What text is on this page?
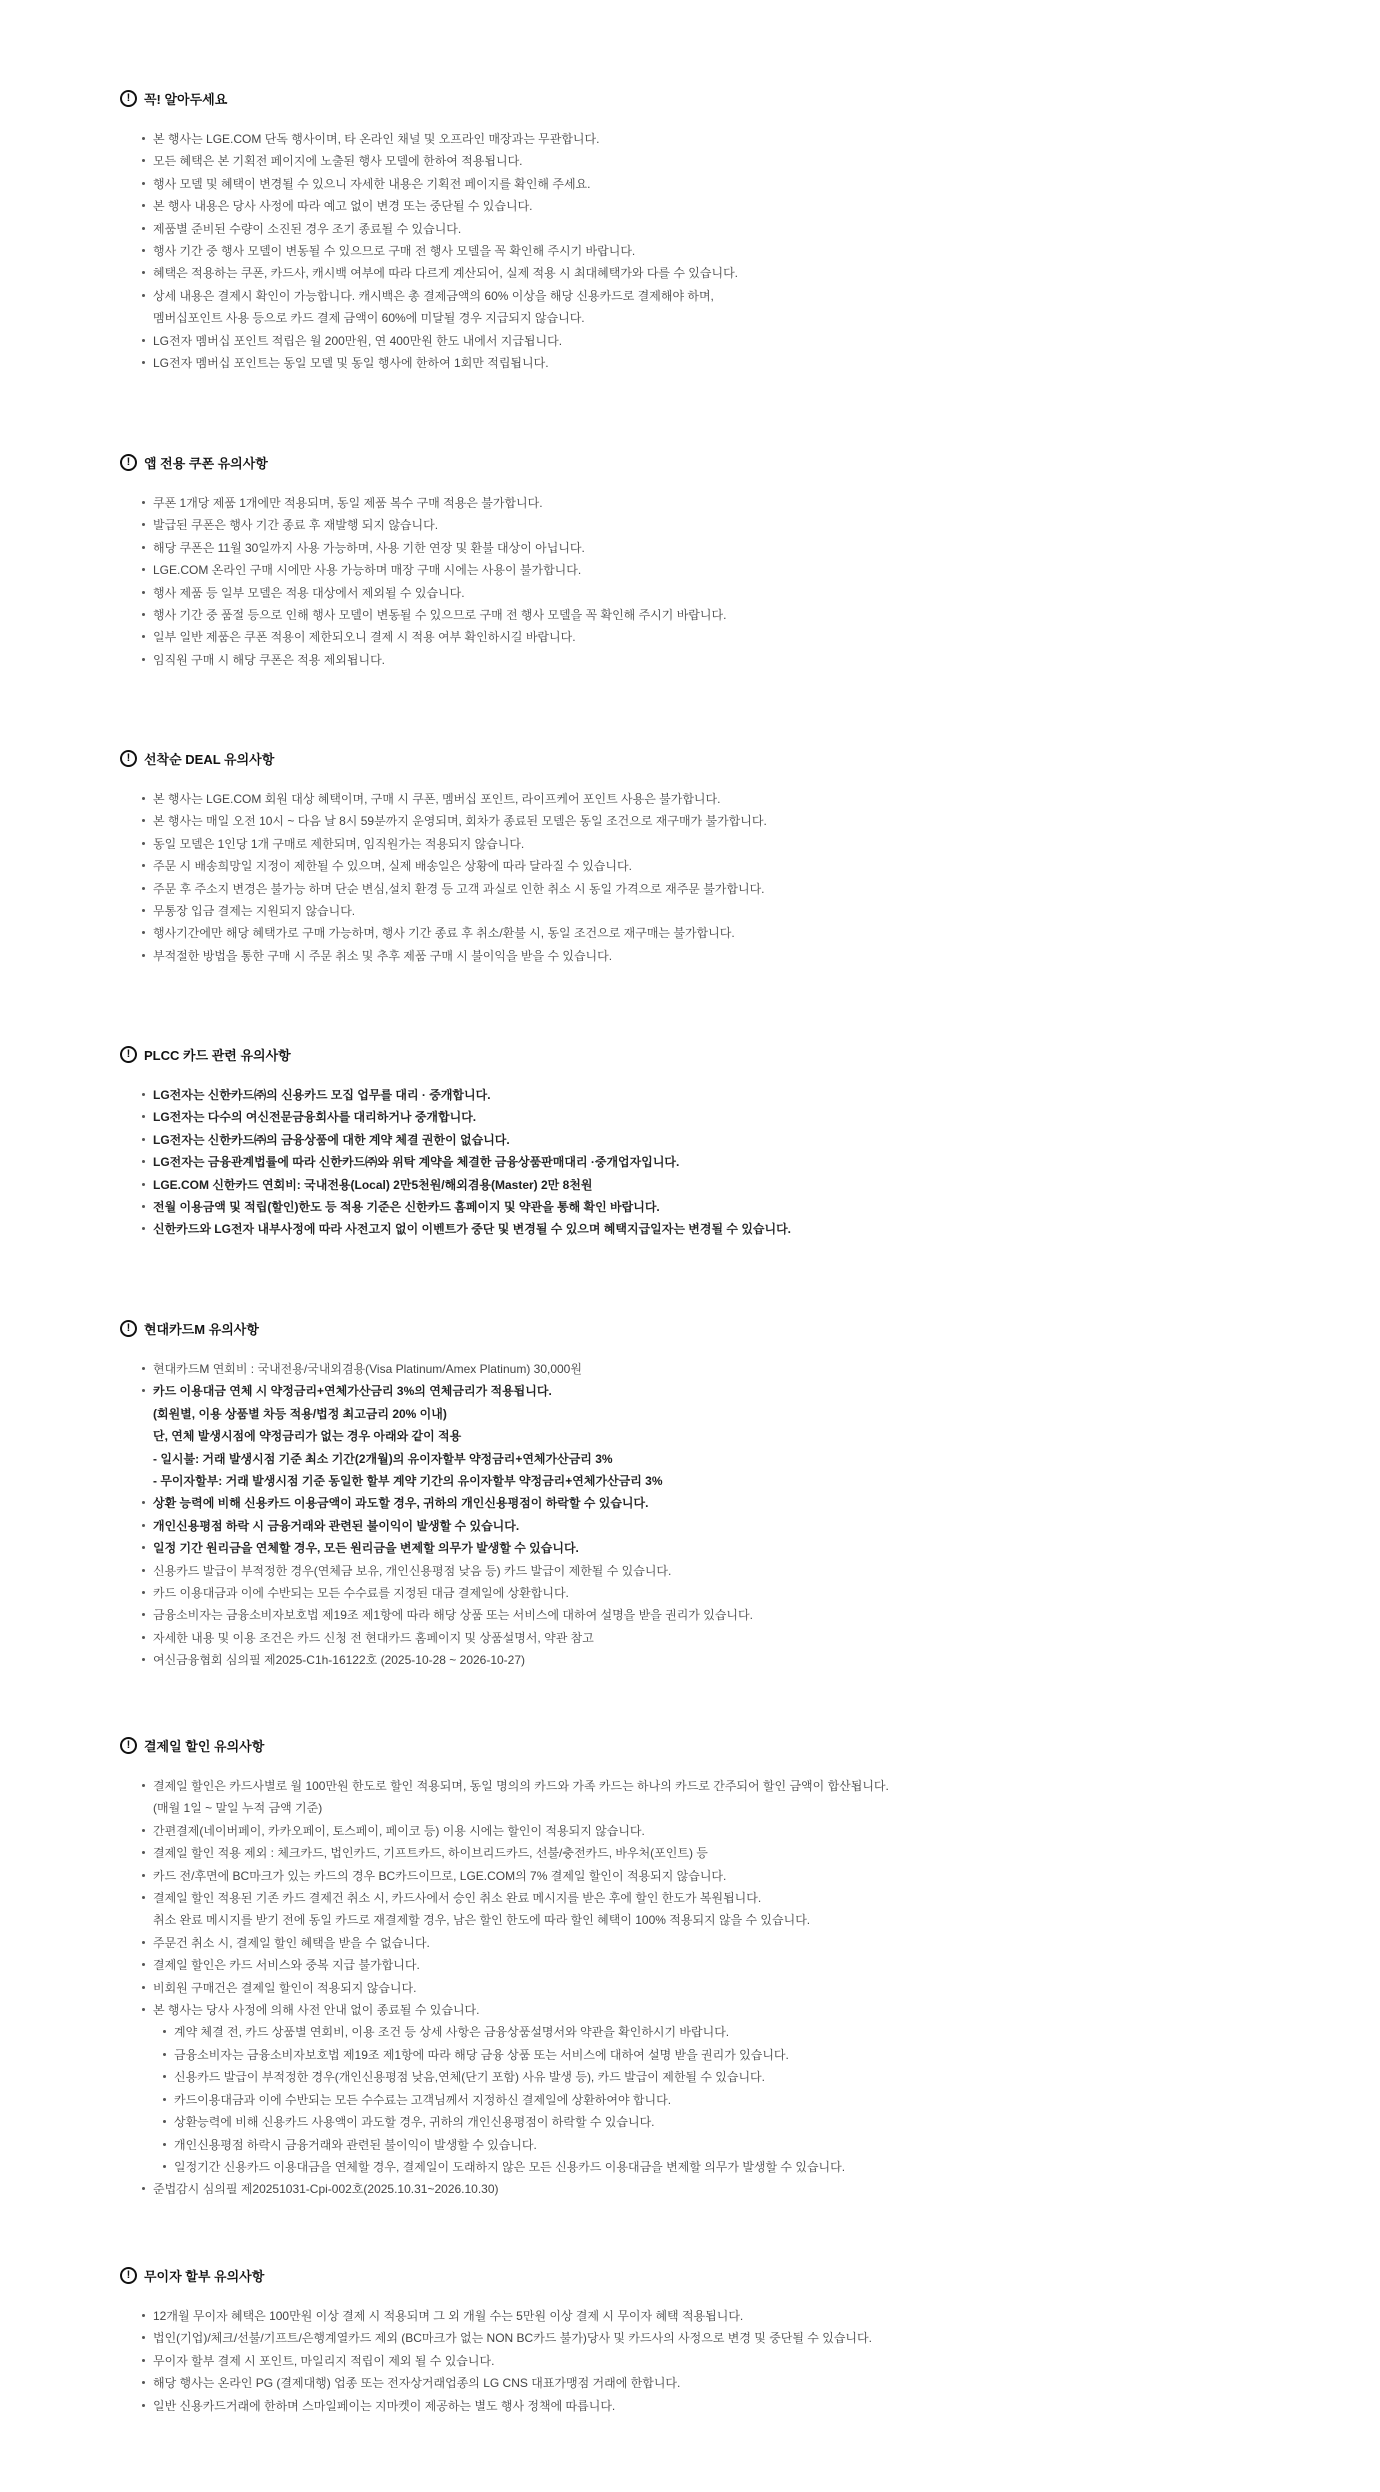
!	꼭! 알아두세요
본 행사는 LGE.COM 단독 행사이며, 타 온라인 채널 및 오프라인 매장과는 무관합니다.
모든 혜택은 본 기획전 페이지에 노출된 행사 모델에 한하여 적용됩니다.
행사 모델 및 혜택이 변경될 수 있으니 자세한 내용은 기획전 페이지를 확인해 주세요.
본 행사 내용은 당사 사정에 따라 예고 없이 변경 또는 중단될 수 있습니다.
제품별 준비된 수량이 소진된 경우 조기 종료될 수 있습니다.
행사 기간 중 행사 모델이 변동될 수 있으므로 구매 전 행사 모델을 꼭 확인해 주시기 바랍니다.
혜택은 적용하는 쿠폰, 카드사, 캐시백 여부에 따라 다르게 계산되어, 실제 적용 시 최대혜택가와 다를 수 있습니다.
상세 내용은 결제시 확인이 가능합니다. 캐시백은 총 결제금액의 60% 이상을 해당 신용카드로 결제해야 하며,
멤버십포인트 사용 등으로 카드 결제 금액이 60%에 미달될 경우 지급되지 않습니다.
LG전자 멤버십 포인트 적립은 월 200만원, 연 400만원 한도 내에서 지급됩니다.
LG전자 멤버십 포인트는 동일 모델 및 동일 행사에 한하여 1회만 적립됩니다.
!	앱 전용 쿠폰 유의사항
쿠폰 1개당 제품 1개에만 적용되며, 동일 제품 복수 구매 적용은 불가합니다.
발급된 쿠폰은 행사 기간 종료 후 재발행 되지 않습니다.
해당 쿠폰은 11월 30일까지 사용 가능하며, 사용 기한 연장 및 환불 대상이 아닙니다.
LGE.COM 온라인 구매 시에만 사용 가능하며 매장 구매 시에는 사용이 불가합니다.
행사 제품 등 일부 모델은 적용 대상에서 제외될 수 있습니다.
행사 기간 중 품절 등으로 인해 행사 모델이 변동될 수 있으므로 구매 전 행사 모델을 꼭 확인해 주시기 바랍니다.
일부 일반 제품은 쿠폰 적용이 제한되오니 결제 시 적용 여부 확인하시길 바랍니다.
임직원 구매 시 해당 쿠폰은 적용 제외됩니다.
!	선착순 DEAL 유의사항
본 행사는 LGE.COM 회원 대상 혜택이며, 구매 시 쿠폰, 멤버십 포인트, 라이프케어 포인트 사용은 불가합니다.
본 행사는 매일 오전 10시 ~ 다음 날 8시 59분까지 운영되며, 회차가 종료된 모델은 동일 조건으로 재구매가 불가합니다.
동일 모델은 1인당 1개 구매로 제한되며, 임직원가는 적용되지 않습니다.
주문 시 배송희망일 지정이 제한될 수 있으며, 실제 배송일은 상황에 따라 달라질 수 있습니다.
주문 후 주소지 변경은 불가능 하며 단순 변심,설치 환경 등 고객 과실로 인한 취소 시 동일 가격으로 재주문 불가합니다.
무통장 입금 결제는 지원되지 않습니다.
행사기간에만 해당 혜택가로 구매 가능하며, 행사 기간 종료 후 취소/환불 시, 동일 조건으로 재구매는 불가합니다.
부적절한 방법을 통한 구매 시 주문 취소 및 추후 제품 구매 시 불이익을 받을 수 있습니다.
!	PLCC 카드 관련 유의사항
LG전자는 신한카드㈜의 신용카드 모집 업무를 대리 · 중개합니다.
LG전자는 다수의 여신전문금융회사를 대리하거나 중개합니다.
LG전자는 신한카드㈜의 금융상품에 대한 계약 체결 권한이 없습니다.
LG전자는 금융관계법률에 따라 신한카드㈜와 위탁 계약을 체결한 금융상품판매대리 ·중개업자입니다.
LGE.COM 신한카드 연회비: 국내전용(Local) 2만5천원/해외겸용(Master) 2만 8천원
전월 이용금액 및 적립(할인)한도 등 적용 기준은 신한카드 홈페이지 및 약관을 통해 확인 바랍니다.
신한카드와 LG전자 내부사정에 따라 사전고지 없이 이벤트가 중단 및 변경될 수 있으며 혜택지급일자는 변경될 수 있습니다.
!	현대카드M 유의사항
현대카드M 연회비 : 국내전용/국내외겸용(Visa Platinum/Amex Platinum) 30,000원
카드 이용대금 연체 시 약정금리+연체가산금리 3%의 연체금리가 적용됩니다.
(회원별, 이용 상품별 차등 적용/법정 최고금리 20% 이내)
단, 연체 발생시점에 약정금리가 없는 경우 아래와 같이 적용
- 일시불: 거래 발생시점 기준 최소 기간(2개월)의 유이자할부 약정금리+연체가산금리 3%
- 무이자할부: 거래 발생시점 기준 동일한 할부 계약 기간의 유이자할부 약정금리+연체가산금리 3%
상환 능력에 비해 신용카드 이용금액이 과도할 경우, 귀하의 개인신용평점이 하락할 수 있습니다.
개인신용평점 하락 시 금융거래와 관련된 불이익이 발생할 수 있습니다.
일정 기간 원리금을 연체할 경우, 모든 원리금을 변제할 의무가 발생할 수 있습니다.
신용카드 발급이 부적정한 경우(연체금 보유, 개인신용평점 낮음 등) 카드 발급이 제한될 수 있습니다.
카드 이용대금과 이에 수반되는 모든 수수료를 지정된 대금 결제일에 상환합니다.
금융소비자는 금융소비자보호법 제19조 제1항에 따라 해당 상품 또는 서비스에 대하여 설명을 받을 권리가 있습니다.
자세한 내용 및 이용 조건은 카드 신청 전 현대카드 홈페이지 및 상품설명서, 약관 참고
여신금융협회 심의필 제2025-C1h-16122호 (2025-10-28 ~ 2026-10-27)
!	결제일 할인 유의사항
결제일 할인은 카드사별로 월 100만원 한도로 할인 적용되며, 동일 명의의 카드와 가족 카드는 하나의 카드로 간주되어 할인 금액이 합산됩니다.
(매월 1일 ~ 말일 누적 금액 기준)
간편결제(네이버페이, 카카오페이, 토스페이, 페이코 등) 이용 시에는 할인이 적용되지 않습니다.
결제일 할인 적용 제외 : 체크카드, 법인카드, 기프트카드, 하이브리드카드, 선불/충전카드, 바우처(포인트) 등
카드 전/후면에 BC마크가 있는 카드의 경우 BC카드이므로, LGE.COM의 7% 결제일 할인이 적용되지 않습니다.
결제일 할인 적용된 기존 카드 결제건 취소 시, 카드사에서 승인 취소 완료 메시지를 받은 후에 할인 한도가 복원됩니다.
취소 완료 메시지를 받기 전에 동일 카드로 재결제할 경우, 남은 할인 한도에 따라 할인 혜택이 100% 적용되지 않을 수 있습니다.
주문건 취소 시, 결제일 할인 혜택을 받을 수 없습니다.
결제일 할인은 카드 서비스와 중복 지급 불가합니다.
비회원 구매건은 결제일 할인이 적용되지 않습니다.
본 행사는 당사 사정에 의해 사전 안내 없이 종료될 수 있습니다.
계약 체결 전, 카드 상품별 연회비, 이용 조건 등 상세 사항은 금융상품설명서와 약관을 확인하시기 바랍니다.
금융소비자는 금융소비자보호법 제19조 제1항에 따라 해당 금융 상품 또는 서비스에 대하여 설명 받을 권리가 있습니다.
신용카드 발급이 부적정한 경우(개인신용평점 낮음,연체(단기 포함) 사유 발생 등), 카드 발급이 제한될 수 있습니다.
카드이용대금과 이에 수반되는 모든 수수료는 고객님께서 지정하신 결제일에 상환하여야 합니다.
상환능력에 비해 신용카드 사용액이 과도할 경우, 귀하의 개인신용평점이 하락할 수 있습니다.
개인신용평점 하락시 금융거래와 관련된 불이익이 발생할 수 있습니다.
일정기간 신용카드 이용대금을 연체할 경우, 결제일이 도래하지 않은 모든 신용카드 이용대금을 변제할 의무가 발생할 수 있습니다.
준법감시 심의필 제20251031-Cpi-002호(2025.10.31~2026.10.30)
!	무이자 할부 유의사항
12개월 무이자 혜택은 100만원 이상 결제 시 적용되며 그 외 개월 수는 5만원 이상 결제 시 무이자 혜택 적용됩니다.
법인(기업)/체크/선불/기프트/은행계열카드 제외 (BC마크가 없는 NON BC카드 불가)당사 및 카드사의 사정으로 변경 및 중단될 수 있습니다.
무이자 할부 결제 시 포인트, 마일리지 적립이 제외 될 수 있습니다.
해당 행사는 온라인 PG (결제대행) 업종 또는 전자상거래업종의 LG CNS 대표가맹점 거래에 한합니다.
일반 신용카드거래에 한하며 스마일페이는 지마켓이 제공하는 별도 행사 정책에 따릅니다.
